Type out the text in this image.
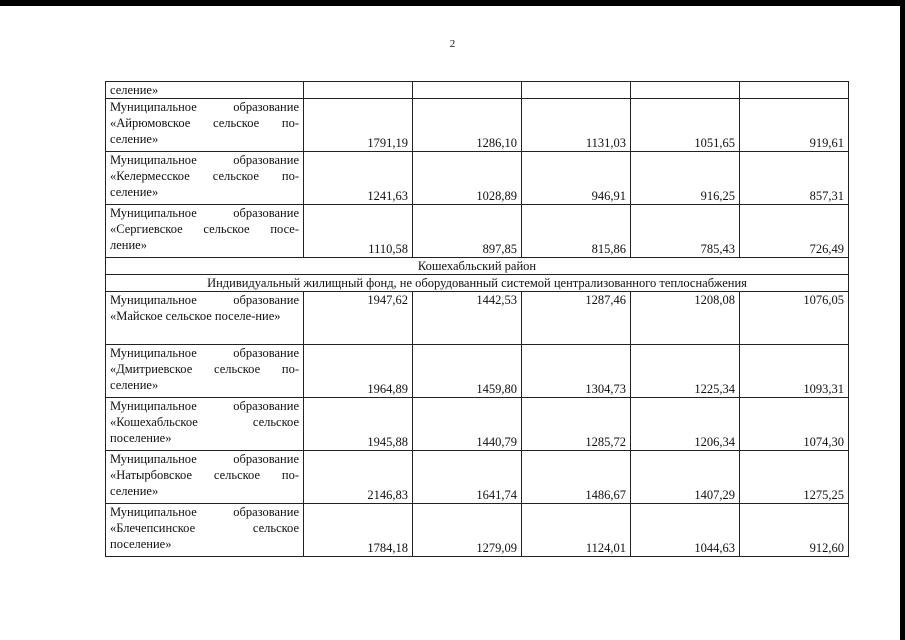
2
селение»					
Муниципальное образование «Айрюмовское сельское по-селение»	1791,19	1286,10	1131,03	1051,65	919,61
Муниципальное образование «Келермесское сельское по-селение»	1241,63	1028,89	946,91	916,25	857,31
Муниципальное образование «Сергиевское сельское посе-ление»	1110,58	897,85	815,86	785,43	726,49
Кошехабльский район					
Индивидуальный жилищный фонд, не оборудованный системой централизованного теплоснабжения					
Муниципальное образование «Майское сельское поселе-ние»	1947,62	1442,53	1287,46	1208,08	1076,05
Муниципальное образование «Дмитриевское сельское по-селение»	1964,89	1459,80	1304,73	1225,34	1093,31
Муниципальное образование «Кошехабльское сельское поселение»	1945,88	1440,79	1285,72	1206,34	1074,30
Муниципальное образование «Натырбовское сельское по-селение»	2146,83	1641,74	1486,67	1407,29	1275,25
Муниципальное образование «Блечепсинское сельское поселение»	1784,18	1279,09	1124,01	1044,63	912,60
